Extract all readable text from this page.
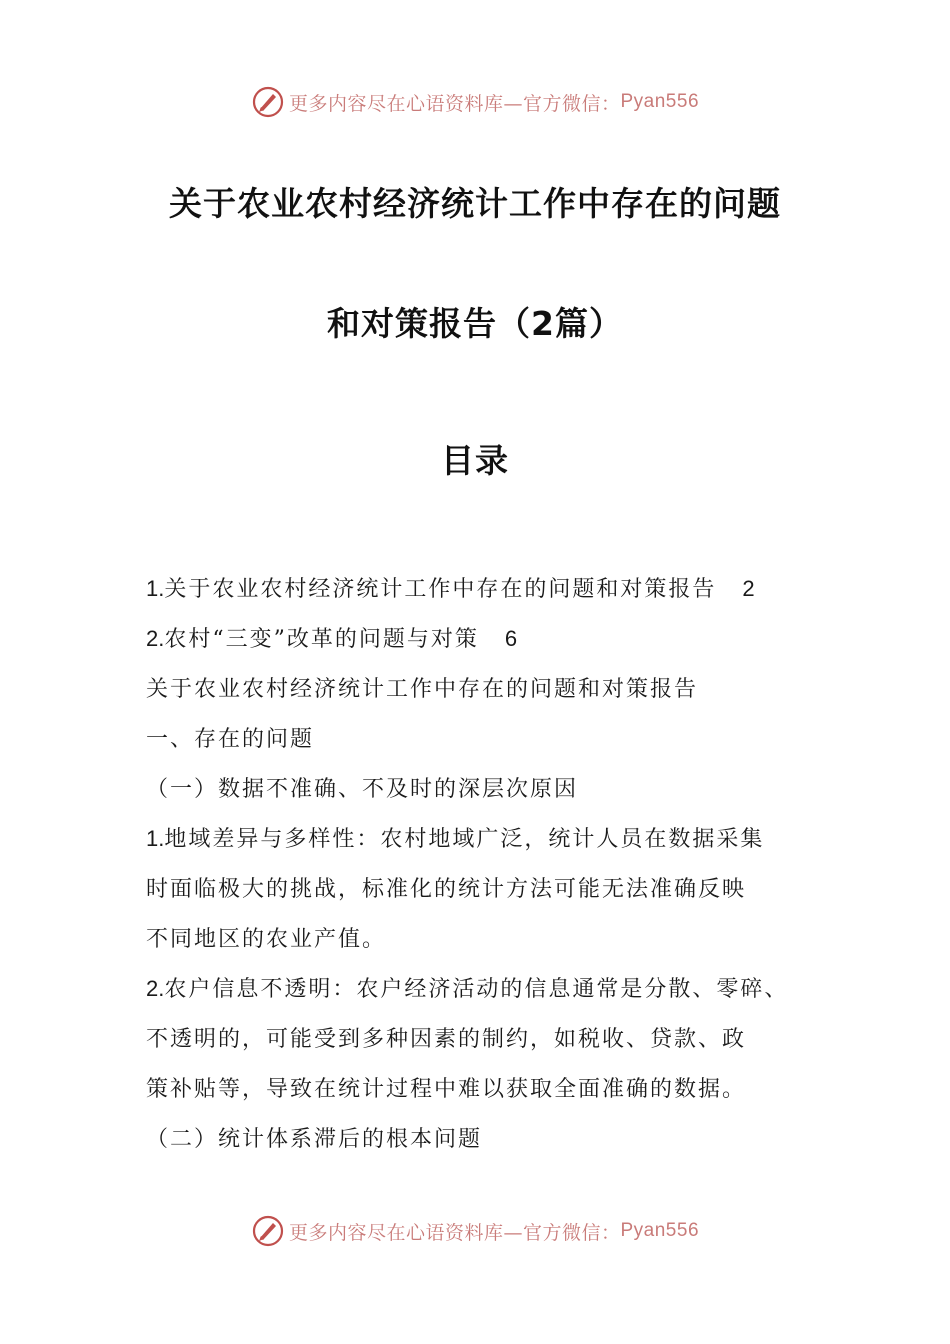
更多内容尽在心语资料库—官方微信： Pyan556
关于农业农村经济统计工作中存在的问题
和对策报告（2篇）
目录
1.关于农业农村经济统计工作中存在的问题和对策报告 2
2.农村“三变”改革的问题与对策 6
关于农业农村经济统计工作中存在的问题和对策报告
一、存在的问题
（一）数据不准确、不及时的深层次原因
1.地域差异与多样性：农村地域广泛，统计人员在数据采集
时面临极大的挑战，标准化的统计方法可能无法准确反映
不同地区的农业产值。
2.农户信息不透明：农户经济活动的信息通常是分散、零碎、
不透明的，可能受到多种因素的制约，如税收、贷款、政
策补贴等，导致在统计过程中难以获取全面准确的数据。
（二）统计体系滞后的根本问题
更多内容尽在心语资料库—官方微信： Pyan556
